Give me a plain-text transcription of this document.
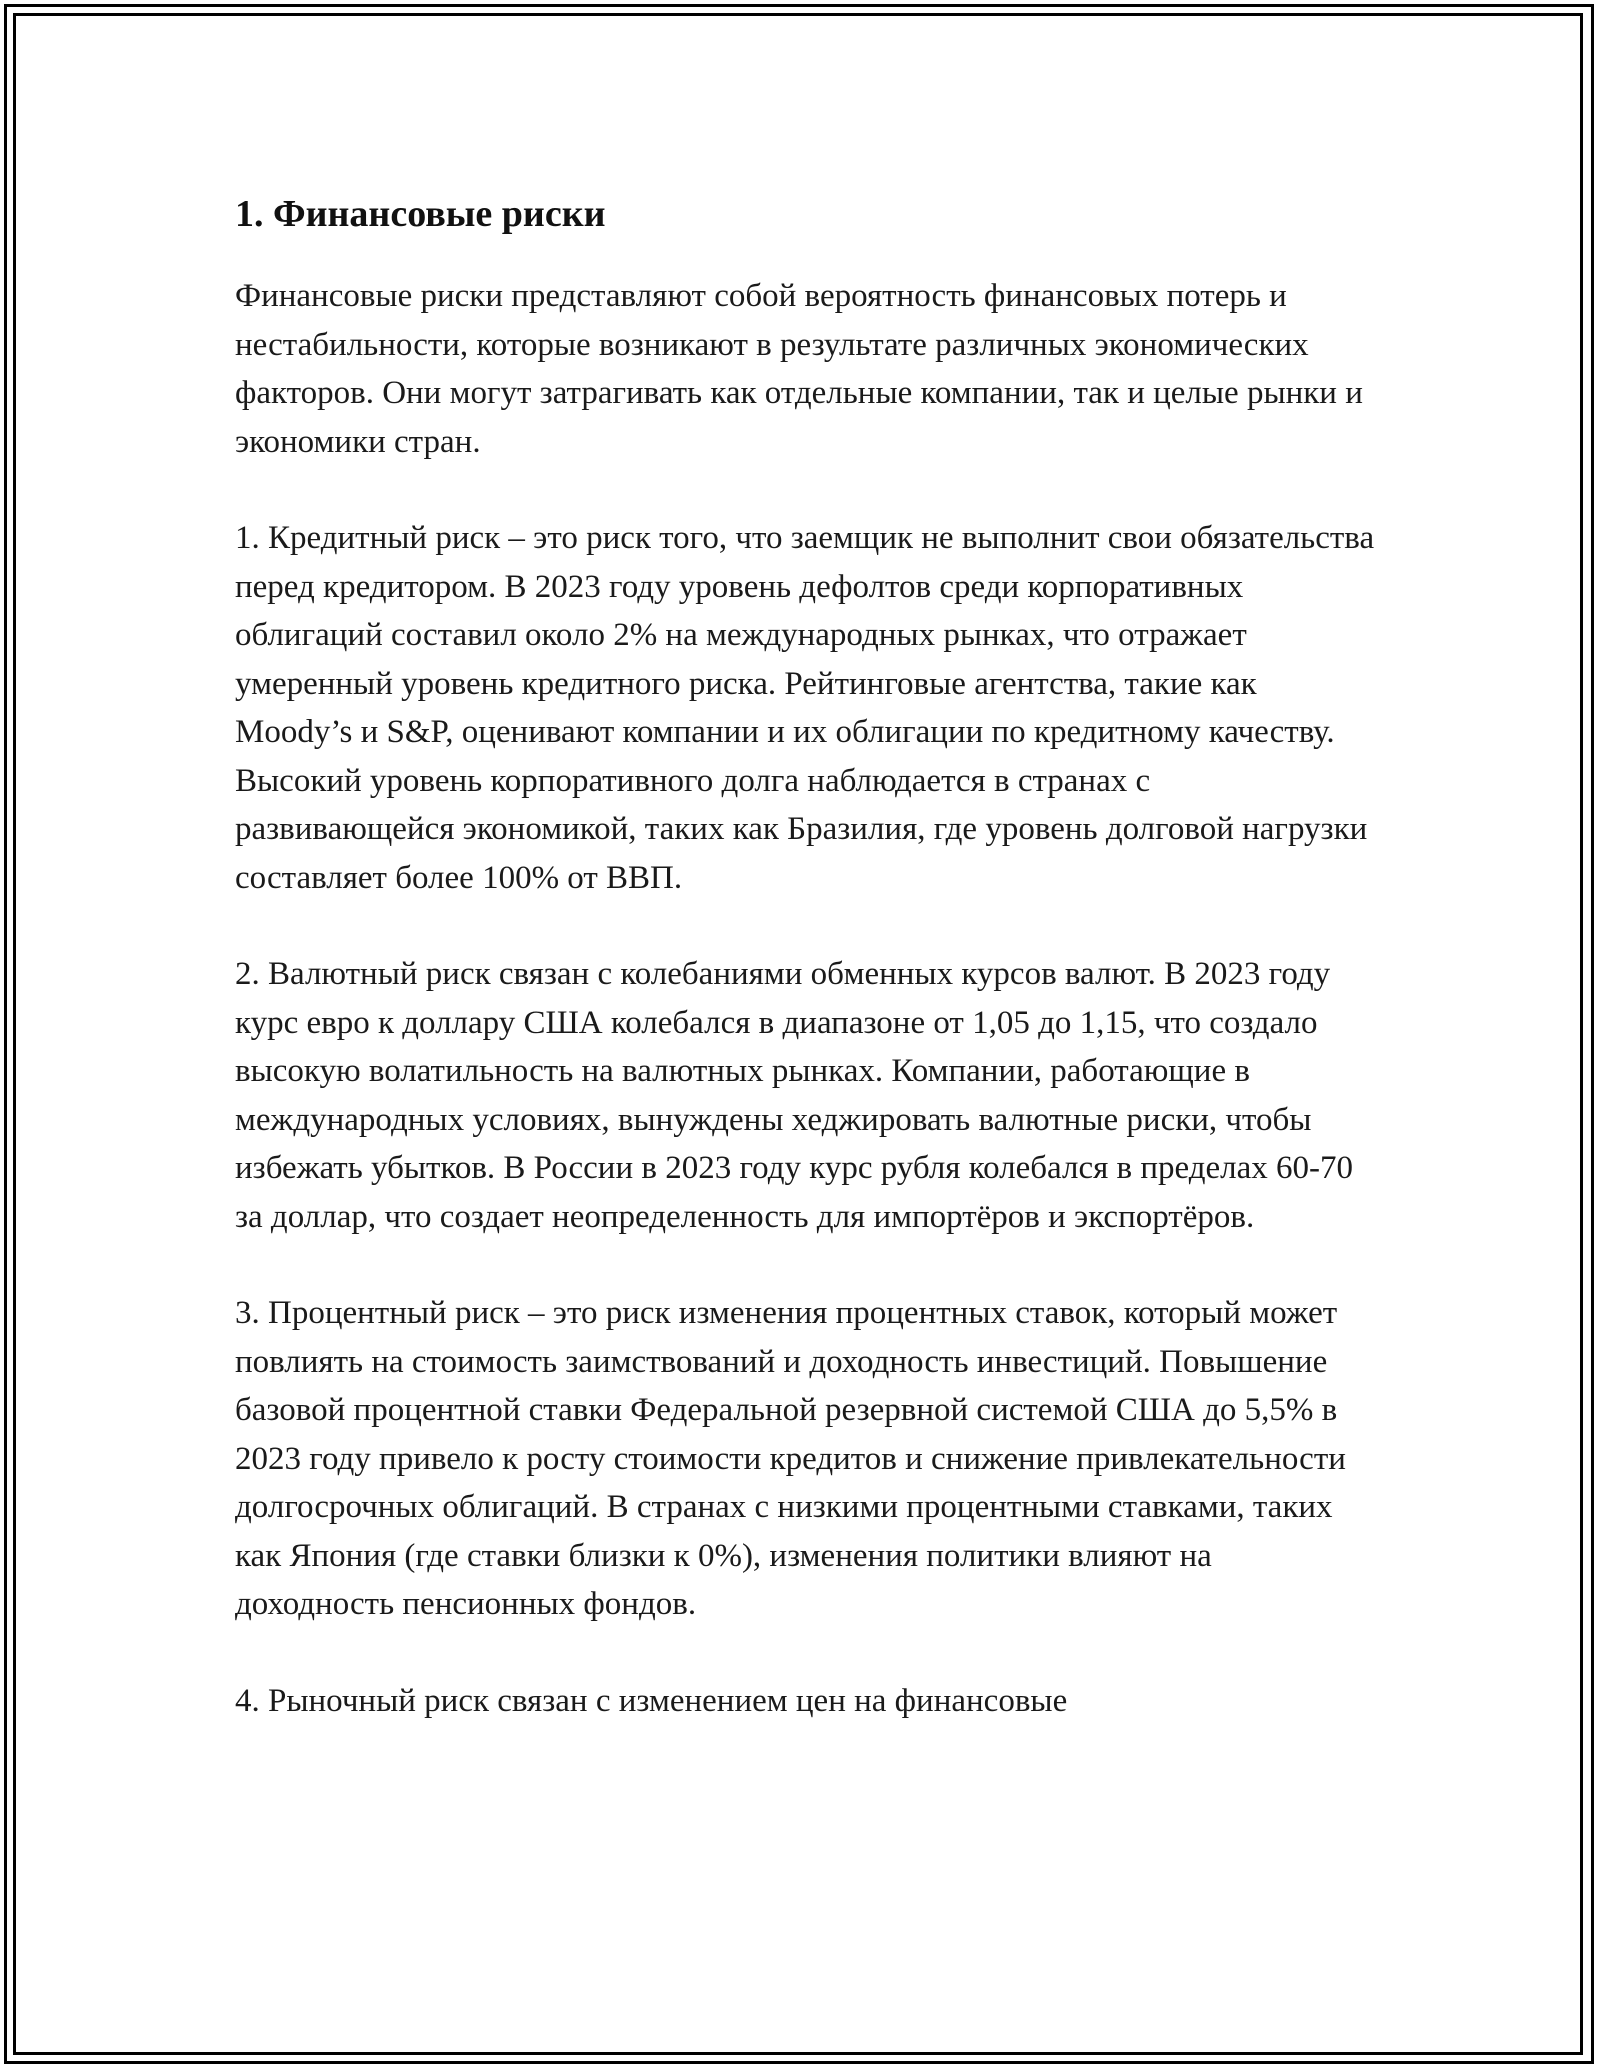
1. Финансовые риски

Финансовые риски представляют собой вероятность финансовых потерь и нестабильности, которые возникают в результате различных экономических факторов. Они могут затрагивать как отдельные компании, так и целые рынки и экономики стран.

1. Кредитный риск – это риск того, что заемщик не выполнит свои обязательства перед кредитором. В 2023 году уровень дефолтов среди корпоративных облигаций составил около 2% на международных рынках, что отражает умеренный уровень кредитного риска. Рейтинговые агентства, такие как Moody’s и S&P, оценивают компании и их облигации по кредитному качеству. Высокий уровень корпоративного долга наблюдается в странах с развивающейся экономикой, таких как Бразилия, где уровень долговой нагрузки составляет более 100% от ВВП.

2. Валютный риск связан с колебаниями обменных курсов валют. В 2023 году курс евро к доллару США колебался в диапазоне от 1,05 до 1,15, что создало высокую волатильность на валютных рынках. Компании, работающие в международных условиях, вынуждены хеджировать валютные риски, чтобы избежать убытков. В России в 2023 году курс рубля колебался в пределах 60-70 за доллар, что создает неопределенность для импортёров и экспортёров.

3. Процентный риск – это риск изменения процентных ставок, который может повлиять на стоимость заимствований и доходность инвестиций. Повышение базовой процентной ставки Федеральной резервной системой США до 5,5% в 2023 году привело к росту стоимости кредитов и снижение привлекательности долгосрочных облигаций. В странах с низкими процентными ставками, таких как Япония (где ставки близки к 0%), изменения политики влияют на доходность пенсионных фондов.

4. Рыночный риск связан с изменением цен на финансовые
